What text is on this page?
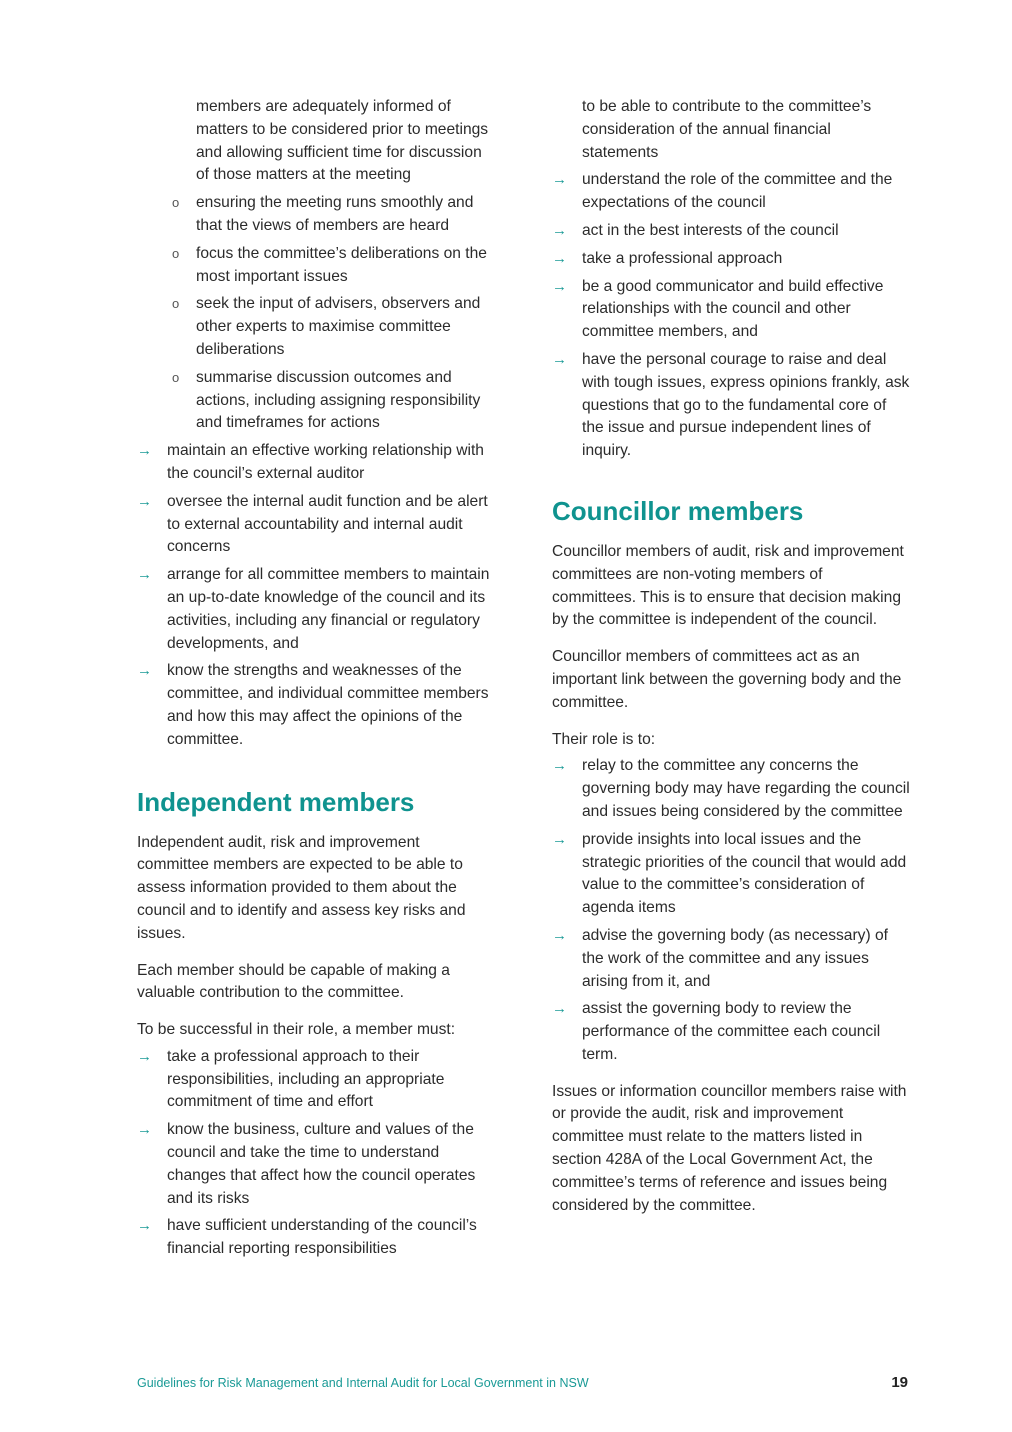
members are adequately informed of matters to be considered prior to meetings and allowing sufficient time for discussion of those matters at the meeting
o ensuring the meeting runs smoothly and that the views of members are heard
o focus the committee’s deliberations on the most important issues
o seek the input of advisers, observers and other experts to maximise committee deliberations
o summarise discussion outcomes and actions, including assigning responsibility and timeframes for actions
→ maintain an effective working relationship with the council’s external auditor
→ oversee the internal audit function and be alert to external accountability and internal audit concerns
→ arrange for all committee members to maintain an up-to-date knowledge of the council and its activities, including any financial or regulatory developments, and
→ know the strengths and weaknesses of the committee, and individual committee members and how this may affect the opinions of the committee.
Independent members

Independent audit, risk and improvement committee members are expected to be able to assess information provided to them about the council and to identify and assess key risks and issues.

Each member should be capable of making a valuable contribution to the committee.

To be successful in their role, a member must:

→ take a professional approach to their responsibilities, including an appropriate commitment of time and effort
→ know the business, culture and values of the council and take the time to understand changes that affect how the council operates and its risks
→ have sufficient understanding of the council’s financial reporting responsibilities
to be able to contribute to the committee’s consideration of the annual financial statements
→ understand the role of the committee and the expectations of the council
→ act in the best interests of the council
→ take a professional approach
→ be a good communicator and build effective relationships with the council and other committee members, and
→ have the personal courage to raise and deal with tough issues, express opinions frankly, ask questions that go to the fundamental core of the issue and pursue independent lines of inquiry.
Councillor members

Councillor members of audit, risk and improvement committees are non-voting members of committees. This is to ensure that decision making by the committee is independent of the council.

Councillor members of committees act as an important link between the governing body and the committee.

Their role is to:

→ relay to the committee any concerns the governing body may have regarding the council and issues being considered by the committee
→ provide insights into local issues and the strategic priorities of the council that would add value to the committee’s consideration of agenda items
→ advise the governing body (as necessary) of the work of the committee and any issues arising from it, and
→ assist the governing body to review the performance of the committee each council term.

Issues or information councillor members raise with or provide the audit, risk and improvement committee must relate to the matters listed in section 428A of the Local Government Act, the committee’s terms of reference and issues being considered by the committee.

Guidelines for Risk Management and Internal Audit for Local Government in NSW	19
